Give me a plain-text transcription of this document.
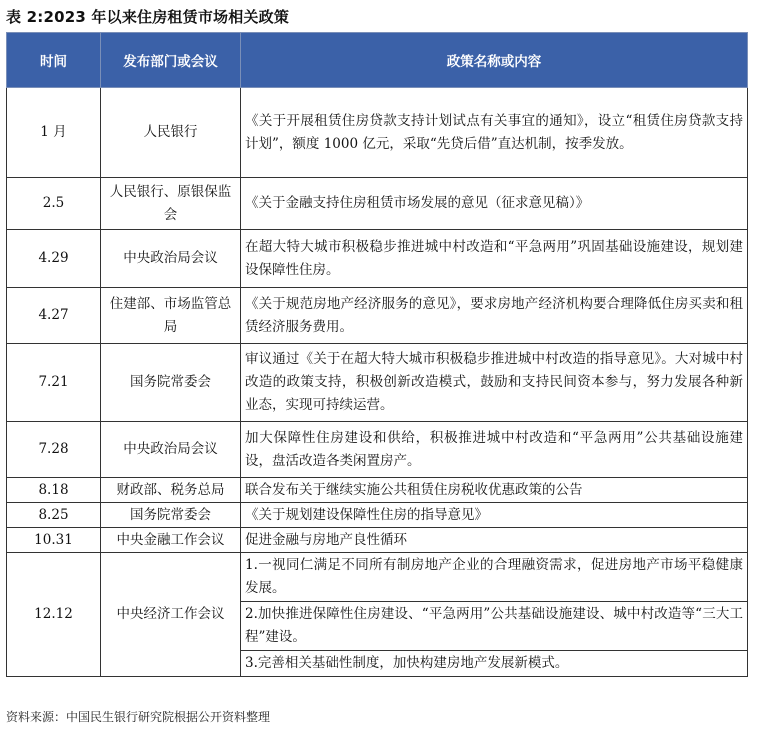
表 2:2023 年以来住房租赁市场相关政策
时间	发布部门或会议	政策名称或内容
1 月	人民银行	《关于开展租赁住房贷款支持计划试点有关事宜的通知》，设立“租赁住房贷款支持计划”，额度 1000 亿元，采取“先贷后借”直达机制，按季发放。
2.5	人民银行、原银保监会	《关于金融支持住房租赁市场发展的意见（征求意见稿）》
4.29	中央政治局会议	在超大特大城市积极稳步推进城中村改造和“平急两用”巩固基础设施建设，规划建设保障性住房。
4.27	住建部、市场监管总局	《关于规范房地产经济服务的意见》，要求房地产经济机构要合理降低住房买卖和租赁经济服务费用。
7.21	国务院常委会	审议通过《关于在超大特大城市积极稳步推进城中村改造的指导意见》。大对城中村改造的政策支持，积极创新改造模式，鼓励和支持民间资本参与，努力发展各种新业态，实现可持续运营。
7.28	中央政治局会议	加大保障性住房建设和供给，积极推进城中村改造和“平急两用”公共基础设施建设，盘活改造各类闲置房产。
8.18	财政部、税务总局	联合发布关于继续实施公共租赁住房税收优惠政策的公告
8.25	国务院常委会	《关于规划建设保障性住房的指导意见》
10.31	中央金融工作会议	促进金融与房地产良性循环
12.12	中央经济工作会议	1.一视同仁满足不同所有制房地产企业的合理融资需求，促进房地产市场平稳健康发展。
2.加快推进保障性住房建设、“平急两用”公共基础设施建设、城中村改造等“三大工程”建设。
3.完善相关基础性制度，加快构建房地产发展新模式。
资料来源：中国民生银行研究院根据公开资料整理
